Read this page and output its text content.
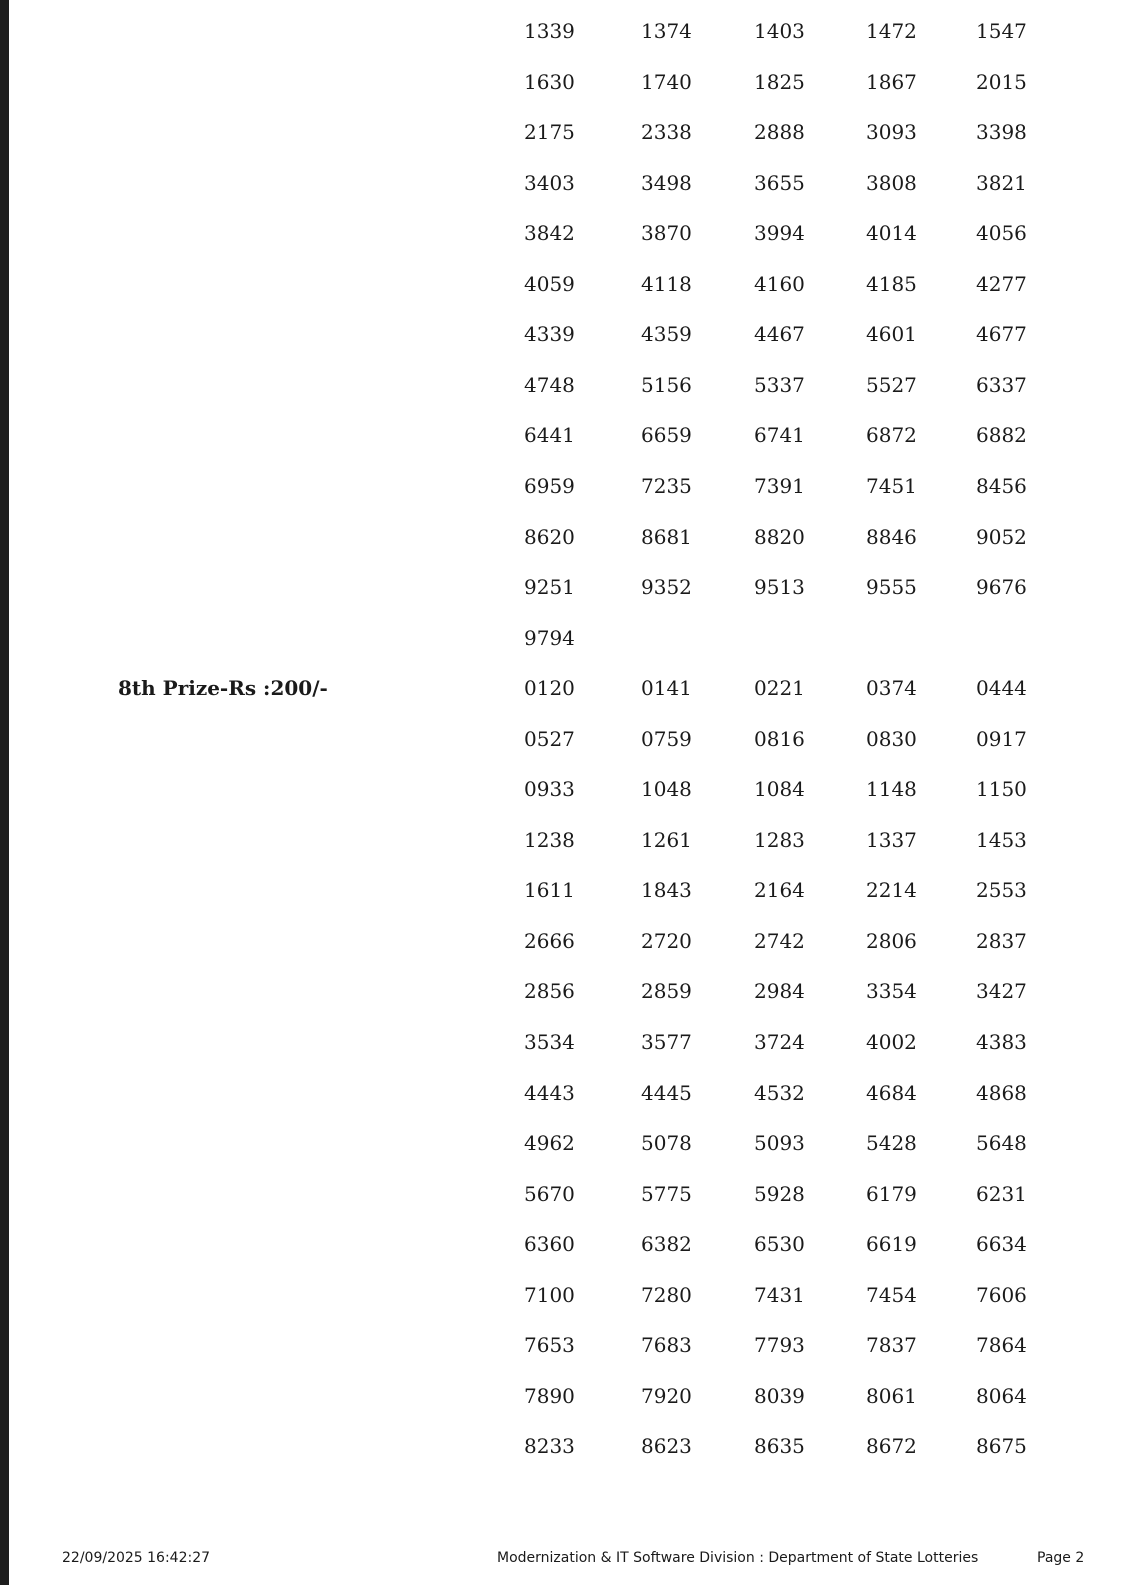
8th Prize-Rs :200/-
1339	1374	1403	1472	1547
1630	1740	1825	1867	2015
2175	2338	2888	3093	3398
3403	3498	3655	3808	3821
3842	3870	3994	4014	4056
4059	4118	4160	4185	4277
4339	4359	4467	4601	4677
4748	5156	5337	5527	6337
6441	6659	6741	6872	6882
6959	7235	7391	7451	8456
8620	8681	8820	8846	9052
9251	9352	9513	9555	9676
9794
0120	0141	0221	0374	0444
0527	0759	0816	0830	0917
0933	1048	1084	1148	1150
1238	1261	1283	1337	1453
1611	1843	2164	2214	2553
2666	2720	2742	2806	2837
2856	2859	2984	3354	3427
3534	3577	3724	4002	4383
4443	4445	4532	4684	4868
4962	5078	5093	5428	5648
5670	5775	5928	6179	6231
6360	6382	6530	6619	6634
7100	7280	7431	7454	7606
7653	7683	7793	7837	7864
7890	7920	8039	8061	8064
8233	8623	8635	8672	8675
22/09/2025 16:42:27	Modernization & IT Software Division : Department of State Lotteries	Page 2
